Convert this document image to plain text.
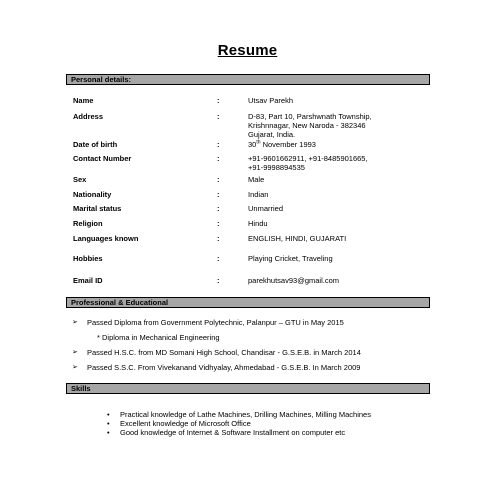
Resume
Personal details:
Name	:	Utsav Parekh
Address	:	D-83, Part 10, Parshwnath Township,
Krishnnagar, New Naroda - 382346
Gujarat, India.
Date of birth	:	30th November 1993
Contact Number	:	+91-9601662911, +91-8485901665,
+91-9998894535
Sex	:	Male
Nationality	:	Indian
Marital status	:	Unmarried
Religion	:	Hindu
Languages known	:	ENGLISH, HINDI, GUJARATI
Hobbies	:	Playing Cricket, Traveling
Email ID	:	parekhutsav93@gmail.com
Professional & Educational
➢ Passed Diploma from Government Polytechnic, Palanpur – GTU in May 2015
* Diploma in Mechanical Engineering
➢ Passed H.S.C. from MD Somani High School, Chandisar - G.S.E.B. in March 2014
➢ Passed S.S.C. From Vivekanand Vidhyalay, Ahmedabad - G.S.E.B. In March 2009
Skills
• Practical knowledge of Lathe Machines, Drilling Machines, Milling Machines
• Excellent knowledge of Microsoft Office
• Good knowledge of Internet & Software Installment on computer etc
